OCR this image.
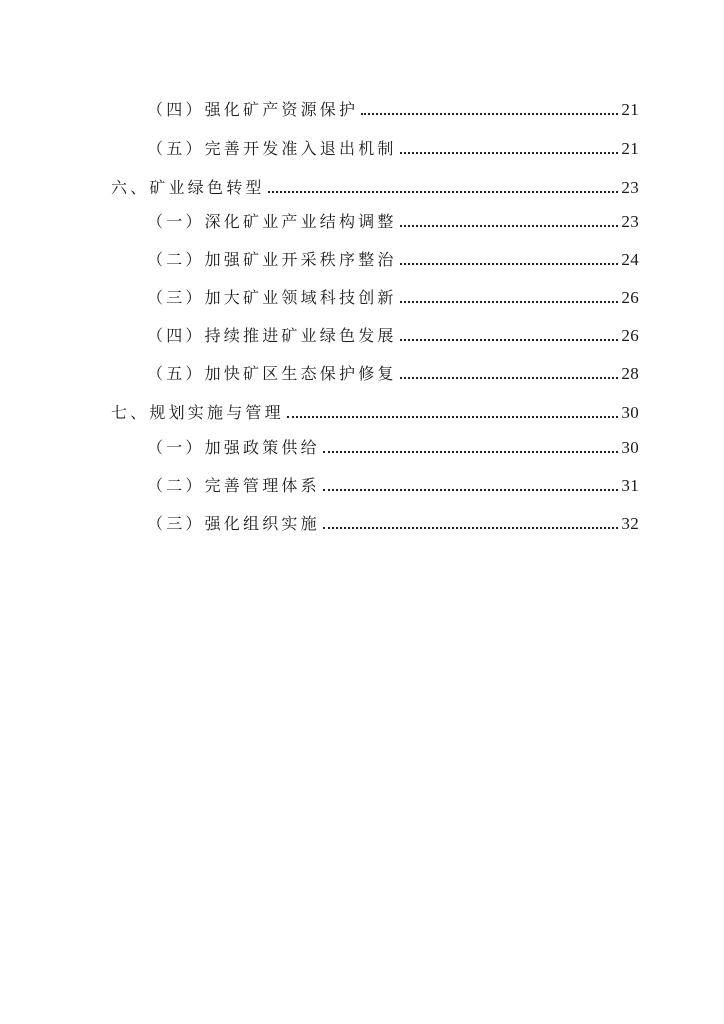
（四）强化矿产资源保护	21
（五）完善开发准入退出机制	21
六、矿业绿色转型	23
（一）深化矿业产业结构调整	23
（二）加强矿业开采秩序整治	24
（三）加大矿业领域科技创新	26
（四）持续推进矿业绿色发展	26
（五）加快矿区生态保护修复	28
七、规划实施与管理	30
（一）加强政策供给	30
（二）完善管理体系	31
（三）强化组织实施	32
